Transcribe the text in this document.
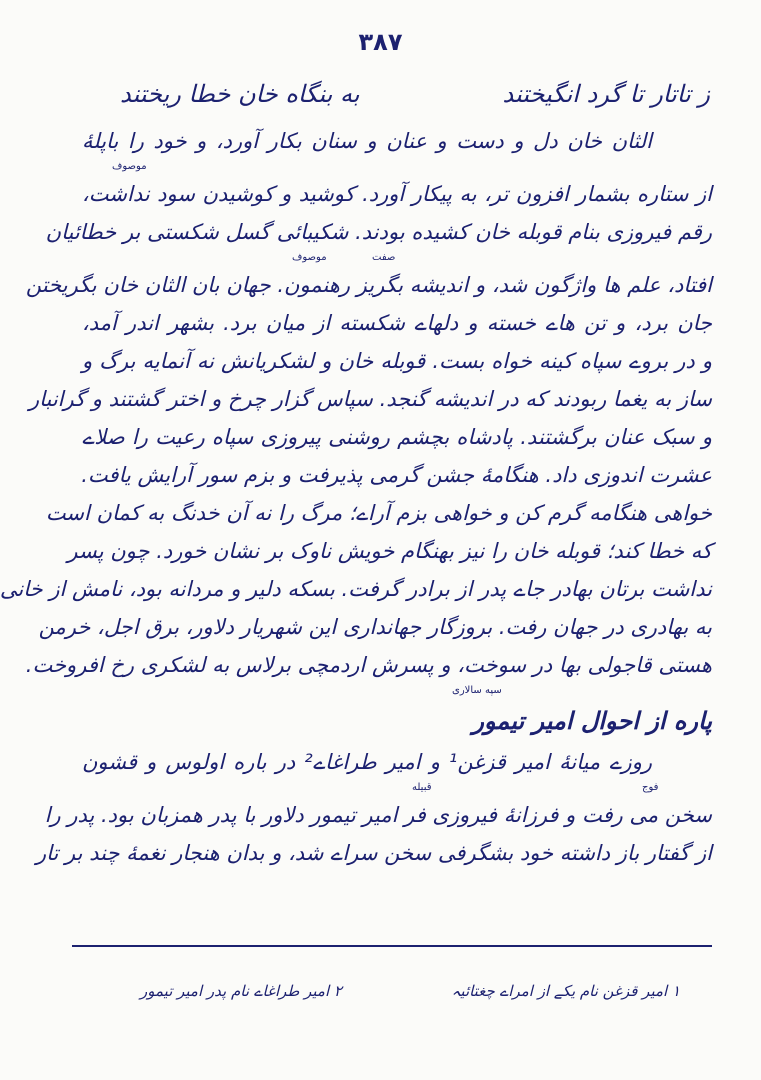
۳۸۷
ز تاتار تا گرد انگیختند
به بنگاه خان خطا ریختند
الثان خان دل و دست و عنان و سنان بکار آورد، و خود را باپلهٔ
موصوف
از ستاره بشمار افزون تر، به پیکار آورد. کوشید و کوشیدن سود نداشت،
رقم فیروزی بنام قوبله خان کشیده بودند. شکیبائی گسل شکستی بر خطائیان
صفت
موصوف
افتاد، علم ها واژگون شد، و اندیشه بگریز رهنمون. جهان بان الثان خان بگریختن
جان برد، و تن هاے خسته و دلهاے شکسته از میان برد. بشهر اندر آمد،
و در بروے سپاه کینه خواه بست. قوبله خان و لشکریانش نه آنمایه برگ و
ساز به یغما ربودند که در اندیشه گنجد. سپاس گزار چرخ و اختر گشتند و گرانبار
و سبک عنان برگشتند. پادشاه بچشم روشنی پیروزی سپاه رعیت را صلاے
عشرت اندوزی داد. هنگامهٔ جشن گرمی پذیرفت و بزم سور آرایش یافت.
خواهی هنگامه گرم کن و خواهی بزم آراے؛ مرگ را نه آن خدنگ به کمان است
که خطا کند؛ قوبله خان را نیز بهنگام خویش ناوک بر نشان خورد. چون پسر
نداشت برتان بهادر جاے پدر از برادر گرفت. بسکه دلیر و مردانه بود، نامش از خانی
به بهادری در جهان رفت. بروزگار جهانداری این شهریار دلاور، برق اجل، خرمن
هستی قاجولی بها در سوخت، و پسرش اردمچی برلاس به لشکری رخ افروخت.
سپه سالاری
پاره از احوال امیر تیمور
روزے میانهٔ امیر قزغن¹ و امیر طراغاے² در باره اولوس و قشون
فوج
قبیله
سخن می رفت و فرزانهٔ فیروزی فر امیر تیمور دلاور با پدر همزبان بود. پدر را
از گفتار باز داشته خود بشگرفی سخن سراے شد، و بدان هنجار نغمهٔ چند بر تار
۱ امیر قزغن نام یکے از امراے چغتائیہ
۲ امیر طراغاے نام پدر امیر تیمور
